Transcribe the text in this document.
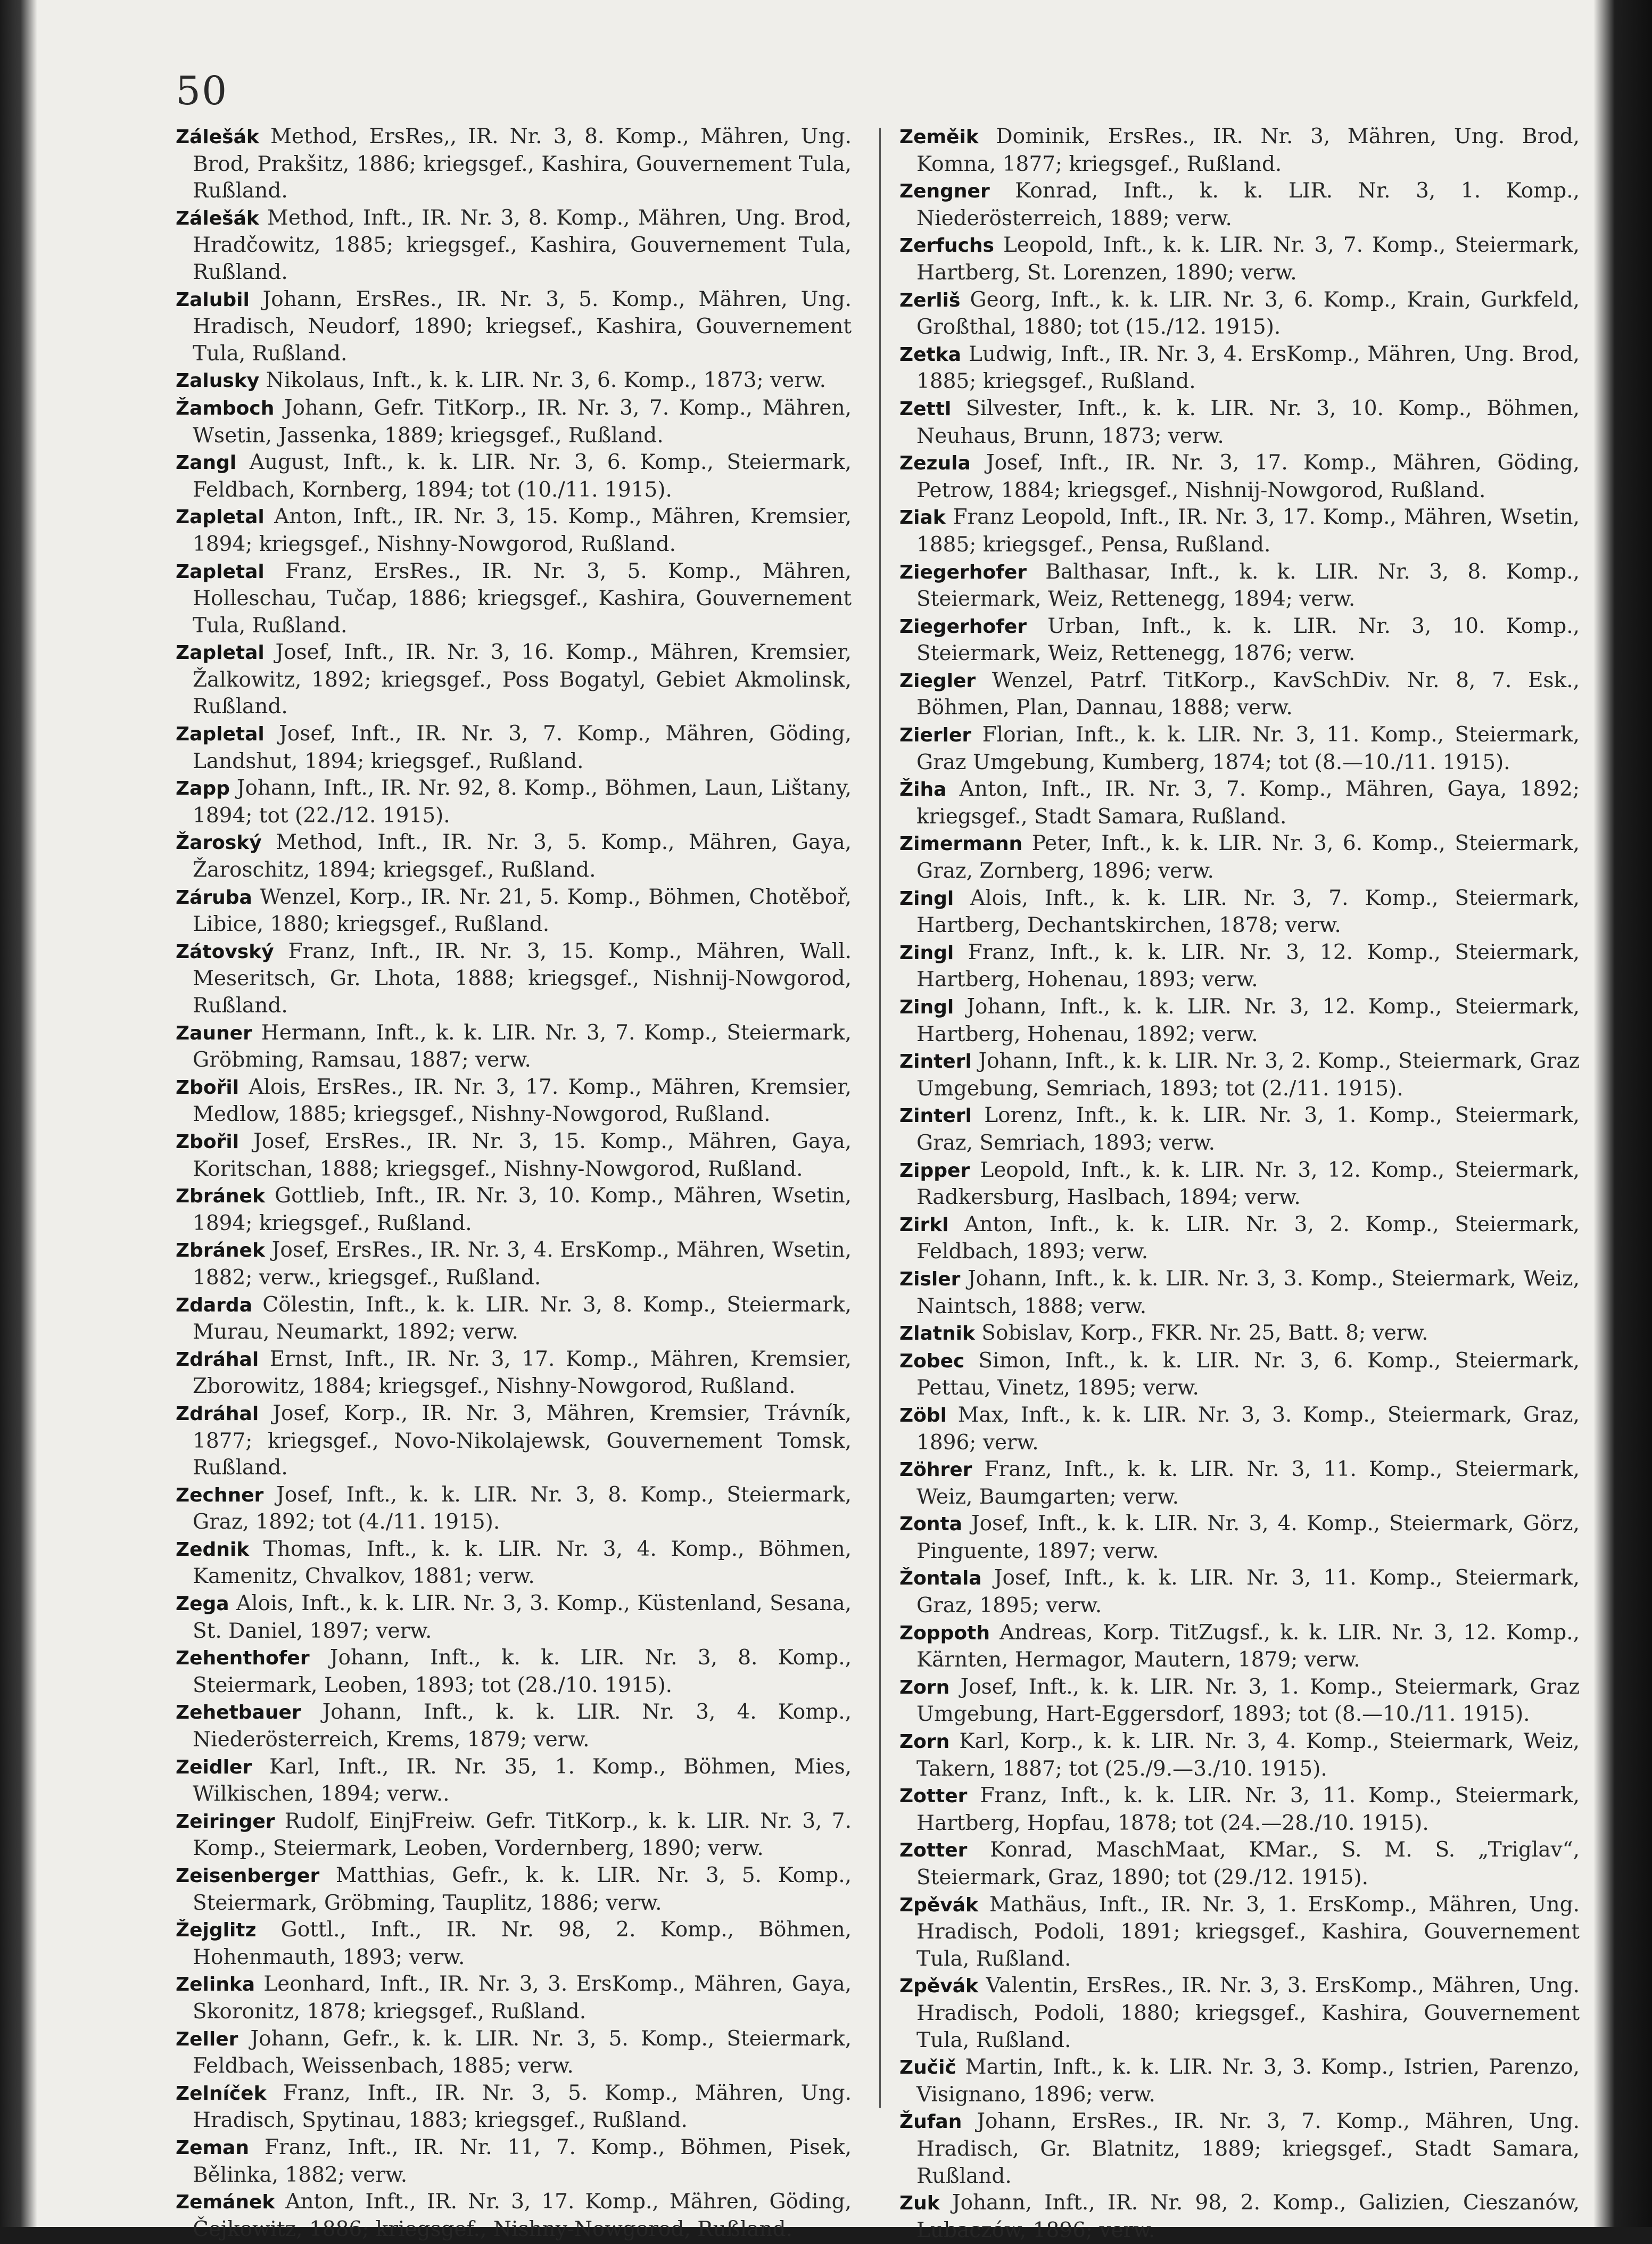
50

Zálešák Method, ErsRes,, IR. Nr. 3, 8. Komp., Mähren, Ung. Brod, Prakšitz, 1886; kriegsgef., Kashira, Gouvernement Tula, Rußland.

Zálešák Method, Inft., IR. Nr. 3, 8. Komp., Mähren, Ung. Brod, Hradčowitz, 1885; kriegsgef., Kashira, Gouvernement Tula, Rußland.

Zalubil Johann, ErsRes., IR. Nr. 3, 5. Komp., Mähren, Ung. Hradisch, Neudorf, 1890; kriegsef., Kashira, Gouvernement Tula, Rußland.

Zalusky Nikolaus, Inft., k. k. LIR. Nr. 3, 6. Komp., 1873; verw.

Žamboch Johann, Gefr. TitKorp., IR. Nr. 3, 7. Komp., Mähren, Wsetin, Jassenka, 1889; kriegsgef., Rußland.

Zangl August, Inft., k. k. LIR. Nr. 3, 6. Komp., Steiermark, Feldbach, Kornberg, 1894; tot (10./11. 1915).

Zapletal Anton, Inft., IR. Nr. 3, 15. Komp., Mähren, Kremsier, 1894; kriegsgef., Nishny-Nowgorod, Rußland.

Zapletal Franz, ErsRes., IR. Nr. 3, 5. Komp., Mähren, Holleschau, Tučap, 1886; kriegsgef., Kashira, Gouvernement Tula, Rußland.

Zapletal Josef, Inft., IR. Nr. 3, 16. Komp., Mähren, Kremsier, Žalkowitz, 1892; kriegsgef., Poss Bogatyl, Gebiet Akmolinsk, Rußland.

Zapletal Josef, Inft., IR. Nr. 3, 7. Komp., Mähren, Göding, Landshut, 1894; kriegsgef., Rußland.

Zapp Johann, Inft., IR. Nr. 92, 8. Komp., Böhmen, Laun, Lištany, 1894; tot (22./12. 1915).

Žaroský Method, Inft., IR. Nr. 3, 5. Komp., Mähren, Gaya, Žaroschitz, 1894; kriegsgef., Rußland.

Záruba Wenzel, Korp., IR. Nr. 21, 5. Komp., Böhmen, Chotěboř, Libice, 1880; kriegsgef., Rußland.

Zátovský Franz, Inft., IR. Nr. 3, 15. Komp., Mähren, Wall. Meseritsch, Gr. Lhota, 1888; kriegsgef., Nishnij-Nowgorod, Rußland.

Zauner Hermann, Inft., k. k. LIR. Nr. 3, 7. Komp., Steiermark, Gröbming, Ramsau, 1887; verw.

Zbořil Alois, ErsRes., IR. Nr. 3, 17. Komp., Mähren, Kremsier, Medlow, 1885; kriegsgef., Nishny-Nowgorod, Rußland.

Zbořil Josef, ErsRes., IR. Nr. 3, 15. Komp., Mähren, Gaya, Koritschan, 1888; kriegsgef., Nishny-Nowgorod, Rußland.

Zbránek Gottlieb, Inft., IR. Nr. 3, 10. Komp., Mähren, Wsetin, 1894; kriegsgef., Rußland.

Zbránek Josef, ErsRes., IR. Nr. 3, 4. ErsKomp., Mähren, Wsetin, 1882; verw., kriegsgef., Rußland.

Zdarda Cölestin, Inft., k. k. LIR. Nr. 3, 8. Komp., Steiermark, Murau, Neumarkt, 1892; verw.

Zdráhal Ernst, Inft., IR. Nr. 3, 17. Komp., Mähren, Kremsier, Zborowitz, 1884; kriegsgef., Nishny-Nowgorod, Rußland.

Zdráhal Josef, Korp., IR. Nr. 3, Mähren, Kremsier, Trávník, 1877; kriegsgef., Novo-Nikolajewsk, Gouvernement Tomsk, Rußland.

Zechner Josef, Inft., k. k. LIR. Nr. 3, 8. Komp., Steiermark, Graz, 1892; tot (4./11. 1915).

Zednik Thomas, Inft., k. k. LIR. Nr. 3, 4. Komp., Böhmen, Kamenitz, Chvalkov, 1881; verw.

Zega Alois, Inft., k. k. LIR. Nr. 3, 3. Komp., Küstenland, Sesana, St. Daniel, 1897; verw.

Zehenthofer Johann, Inft., k. k. LIR. Nr. 3, 8. Komp., Steiermark, Leoben, 1893; tot (28./10. 1915).

Zehetbauer Johann, Inft., k. k. LIR. Nr. 3, 4. Komp., Niederösterreich, Krems, 1879; verw.

Zeidler Karl, Inft., IR. Nr. 35, 1. Komp., Böhmen, Mies, Wilkischen, 1894; verw..

Zeiringer Rudolf, EinjFreiw. Gefr. TitKorp., k. k. LIR. Nr. 3, 7. Komp., Steiermark, Leoben, Vordernberg, 1890; verw.

Zeisenberger Matthias, Gefr., k. k. LIR. Nr. 3, 5. Komp., Steiermark, Gröbming, Tauplitz, 1886; verw.

Žejglitz Gottl., Inft., IR. Nr. 98, 2. Komp., Böhmen, Hohenmauth, 1893; verw.

Zelinka Leonhard, Inft., IR. Nr. 3, 3. ErsKomp., Mähren, Gaya, Skoronitz, 1878; kriegsgef., Rußland.

Zeller Johann, Gefr., k. k. LIR. Nr. 3, 5. Komp., Steiermark, Feldbach, Weissenbach, 1885; verw.

Zelníček Franz, Inft., IR. Nr. 3, 5. Komp., Mähren, Ung. Hradisch, Spytinau, 1883; kriegsgef., Rußland.

Zeman Franz, Inft., IR. Nr. 11, 7. Komp., Böhmen, Pisek, Bělinka, 1882; verw.

Zemánek Anton, Inft., IR. Nr. 3, 17. Komp., Mähren, Göding, Čejkowitz, 1886; kriegsgef., Nishny-Nowgorod, Rußland.

Zeměik Dominik, ErsRes., IR. Nr. 3, Mähren, Ung. Brod, Komna, 1877; kriegsgef., Rußland.

Zengner Konrad, Inft., k. k. LIR. Nr. 3, 1. Komp., Niederösterreich, 1889; verw.

Zerfuchs Leopold, Inft., k. k. LIR. Nr. 3, 7. Komp., Steiermark, Hartberg, St. Lorenzen, 1890; verw.

Zerliš Georg, Inft., k. k. LIR. Nr. 3, 6. Komp., Krain, Gurkfeld, Großthal, 1880; tot (15./12. 1915).

Zetka Ludwig, Inft., IR. Nr. 3, 4. ErsKomp., Mähren, Ung. Brod, 1885; kriegsgef., Rußland.

Zettl Silvester, Inft., k. k. LIR. Nr. 3, 10. Komp., Böhmen, Neuhaus, Brunn, 1873; verw.

Zezula Josef, Inft., IR. Nr. 3, 17. Komp., Mähren, Göding, Petrow, 1884; kriegsgef., Nishnij-Nowgorod, Rußland.

Ziak Franz Leopold, Inft., IR. Nr. 3, 17. Komp., Mähren, Wsetin, 1885; kriegsgef., Pensa, Rußland.

Ziegerhofer Balthasar, Inft., k. k. LIR. Nr. 3, 8. Komp., Steiermark, Weiz, Rettenegg, 1894; verw.

Ziegerhofer Urban, Inft., k. k. LIR. Nr. 3, 10. Komp., Steiermark, Weiz, Rettenegg, 1876; verw.

Ziegler Wenzel, Patrf. TitKorp., KavSchDiv. Nr. 8, 7. Esk., Böhmen, Plan, Dannau, 1888; verw.

Zierler Florian, Inft., k. k. LIR. Nr. 3, 11. Komp., Steiermark, Graz Umgebung, Kumberg, 1874; tot (8.—10./11. 1915).

Žiha Anton, Inft., IR. Nr. 3, 7. Komp., Mähren, Gaya, 1892; kriegsgef., Stadt Samara, Rußland.

Zimermann Peter, Inft., k. k. LIR. Nr. 3, 6. Komp., Steiermark, Graz, Zornberg, 1896; verw.

Zingl Alois, Inft., k. k. LIR. Nr. 3, 7. Komp., Steiermark, Hartberg, Dechantskirchen, 1878; verw.

Zingl Franz, Inft., k. k. LIR. Nr. 3, 12. Komp., Steiermark, Hartberg, Hohenau, 1893; verw.

Zingl Johann, Inft., k. k. LIR. Nr. 3, 12. Komp., Steiermark, Hartberg, Hohenau, 1892; verw.

Zinterl Johann, Inft., k. k. LIR. Nr. 3, 2. Komp., Steiermark, Graz Umgebung, Semriach, 1893; tot (2./11. 1915).

Zinterl Lorenz, Inft., k. k. LIR. Nr. 3, 1. Komp., Steiermark, Graz, Semriach, 1893; verw.

Zipper Leopold, Inft., k. k. LIR. Nr. 3, 12. Komp., Steiermark, Radkersburg, Haslbach, 1894; verw.

Zirkl Anton, Inft., k. k. LIR. Nr. 3, 2. Komp., Steiermark, Feldbach, 1893; verw.

Zisler Johann, Inft., k. k. LIR. Nr. 3, 3. Komp., Steiermark, Weiz, Naintsch, 1888; verw.

Zlatnik Sobislav, Korp., FKR. Nr. 25, Batt. 8; verw.

Zobec Simon, Inft., k. k. LIR. Nr. 3, 6. Komp., Steiermark, Pettau, Vinetz, 1895; verw.

Zöbl Max, Inft., k. k. LIR. Nr. 3, 3. Komp., Steiermark, Graz, 1896; verw.

Zöhrer Franz, Inft., k. k. LIR. Nr. 3, 11. Komp., Steiermark, Weiz, Baumgarten; verw.

Zonta Josef, Inft., k. k. LIR. Nr. 3, 4. Komp., Steiermark, Görz, Pinguente, 1897; verw.

Žontala Josef, Inft., k. k. LIR. Nr. 3, 11. Komp., Steiermark, Graz, 1895; verw.

Zoppoth Andreas, Korp. TitZugsf., k. k. LIR. Nr. 3, 12. Komp., Kärnten, Hermagor, Mautern, 1879; verw.

Zorn Josef, Inft., k. k. LIR. Nr. 3, 1. Komp., Steiermark, Graz Umgebung, Hart-Eggersdorf, 1893; tot (8.—10./11. 1915).

Zorn Karl, Korp., k. k. LIR. Nr. 3, 4. Komp., Steiermark, Weiz, Takern, 1887; tot (25./9.—3./10. 1915).

Zotter Franz, Inft., k. k. LIR. Nr. 3, 11. Komp., Steiermark, Hartberg, Hopfau, 1878; tot (24.—28./10. 1915).

Zotter Konrad, MaschMaat, KMar., S. M. S. „Triglav“, Steiermark, Graz, 1890; tot (29./12. 1915).

Zpěvák Mathäus, Inft., IR. Nr. 3, 1. ErsKomp., Mähren, Ung. Hradisch, Podoli, 1891; kriegsgef., Kashira, Gouvernement Tula, Rußland.

Zpěvák Valentin, ErsRes., IR. Nr. 3, 3. ErsKomp., Mähren, Ung. Hradisch, Podoli, 1880; kriegsgef., Kashira, Gouvernement Tula, Rußland.

Zučič Martin, Inft., k. k. LIR. Nr. 3, 3. Komp., Istrien, Parenzo, Visignano, 1896; verw.

Žufan Johann, ErsRes., IR. Nr. 3, 7. Komp., Mähren, Ung. Hradisch, Gr. Blatnitz, 1889; kriegsgef., Stadt Samara, Rußland.

Zuk Johann, Inft., IR. Nr. 98, 2. Komp., Galizien, Cieszanów, Lubaczów, 1896; verw.
